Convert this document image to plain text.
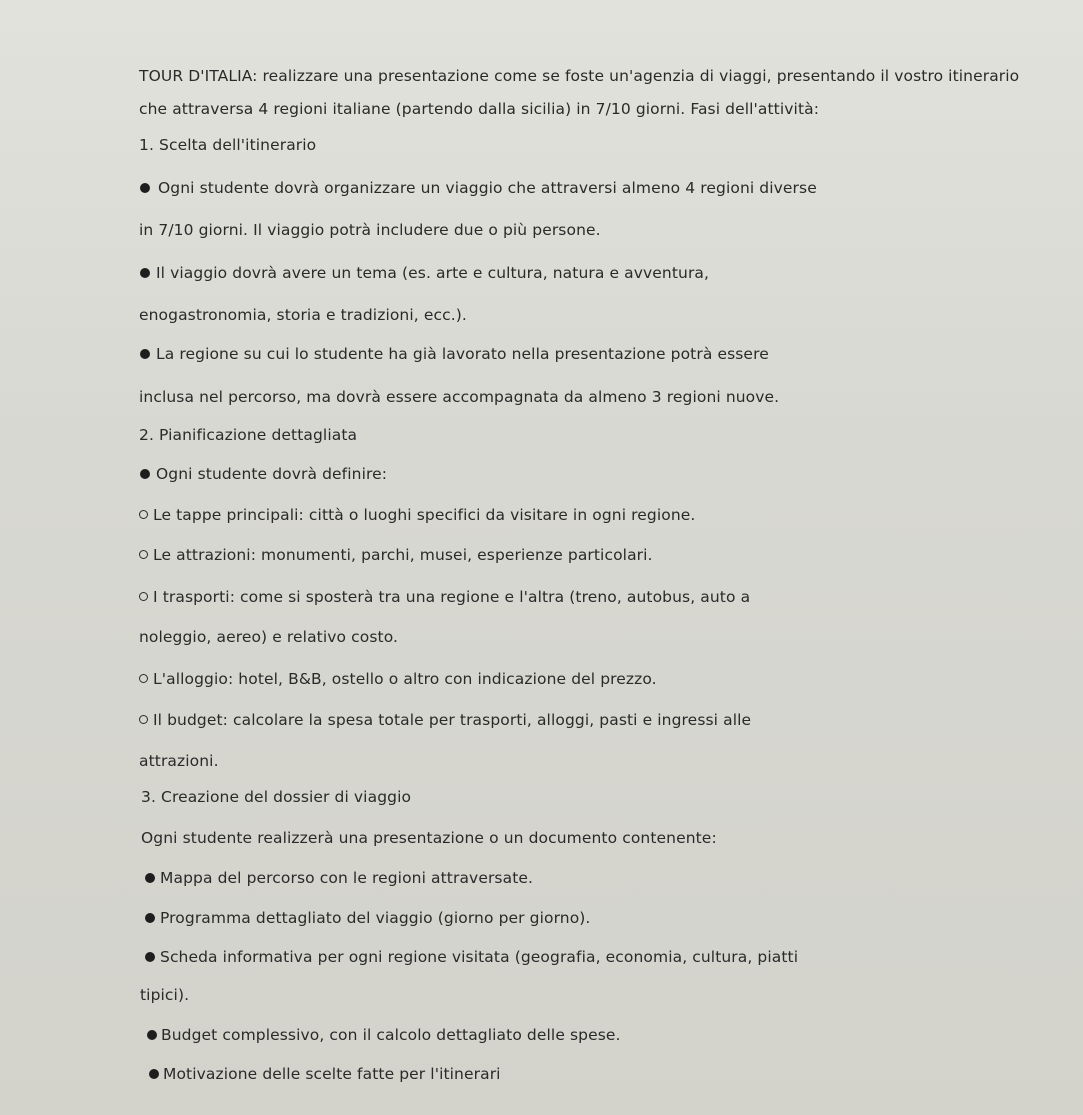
TOUR D'ITALIA: realizzare una presentazione come se foste un'agenzia di viaggi, presentando il vostro itinerario
che attraversa 4 regioni italiane (partendo dalla sicilia) in 7/10 giorni. Fasi dell'attività:
1. Scelta dell'itinerario
Ogni studente dovrà organizzare un viaggio che attraversi almeno 4 regioni diverse
in 7/10 giorni. Il viaggio potrà includere due o più persone.
Il viaggio dovrà avere un tema (es. arte e cultura, natura e avventura,
enogastronomia, storia e tradizioni, ecc.).
La regione su cui lo studente ha già lavorato nella presentazione potrà essere
inclusa nel percorso, ma dovrà essere accompagnata da almeno 3 regioni nuove.
2. Pianificazione dettagliata
Ogni studente dovrà definire:
Le tappe principali: città o luoghi specifici da visitare in ogni regione.
Le attrazioni: monumenti, parchi, musei, esperienze particolari.
I trasporti: come si sposterà tra una regione e l'altra (treno, autobus, auto a
noleggio, aereo) e relativo costo.
L'alloggio: hotel, B&B, ostello o altro con indicazione del prezzo.
Il budget: calcolare la spesa totale per trasporti, alloggi, pasti e ingressi alle
attrazioni.
3. Creazione del dossier di viaggio
Ogni studente realizzerà una presentazione o un documento contenente:
Mappa del percorso con le regioni attraversate.
Programma dettagliato del viaggio (giorno per giorno).
Scheda informativa per ogni regione visitata (geografia, economia, cultura, piatti
tipici).
Budget complessivo, con il calcolo dettagliato delle spese.
Motivazione delle scelte fatte per l'itinerari
